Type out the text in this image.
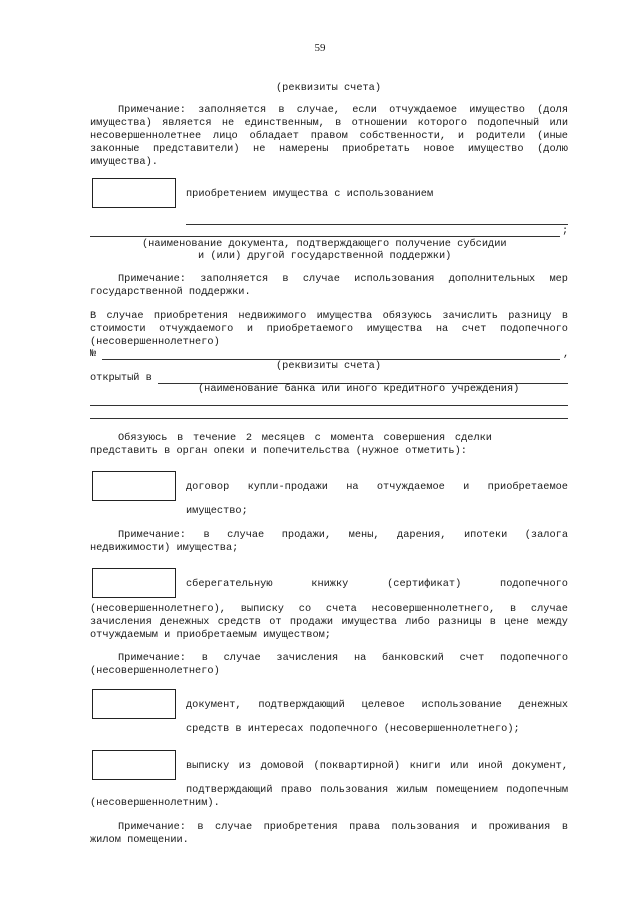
59
(реквизиты счета)
Примечание: заполняется в случае, если отчуждаемое имущество (доля
имущества) является не единственным, в отношении которого подопечный или
несовершеннолетнее лицо обладает правом собственности, и родители (иные
законные представители) не намерены приобретать новое имущество (долю
имущества).
приобретением имущества с использованием
;
(наименование документа, подтверждающего получение субсидии
и (или) другой государственной поддержки)
Примечание: заполняется в случае использования дополнительных мер
государственной поддержки.
В случае приобретения недвижимого имущества обязуюсь зачислить разницу в
стоимости отчуждаемого и приобретаемого имущества на счет подопечного
(несовершеннолетнего)
№	,
(реквизиты счета)
открытый в
(наименование банка или иного кредитного учреждения)
Обязуюсь в течение 2 месяцев с момента совершения сделки
представить в орган опеки и попечительства (нужное отметить):
договор купли-продажи на отчуждаемое и приобретаемое
имущество;
Примечание: в случае продажи, мены, дарения, ипотеки (залога
недвижимости) имущества;
сберегательную книжку (сертификат) подопечного
(несовершеннолетнего), выписку со счета несовершеннолетнего, в случае
зачисления денежных средств от продажи имущества либо разницы в цене между
отчуждаемым и приобретаемым имуществом;
Примечание: в случае зачисления на банковский счет подопечного
(несовершеннолетнего)
документ, подтверждающий целевое использование денежных
средств в интересах подопечного (несовершеннолетнего);
выписку из домовой (поквартирной) книги или иной документ,
подтверждающий право пользования жилым помещением подопечным
(несовершеннолетним).
Примечание: в случае приобретения права пользования и проживания в
жилом помещении.
